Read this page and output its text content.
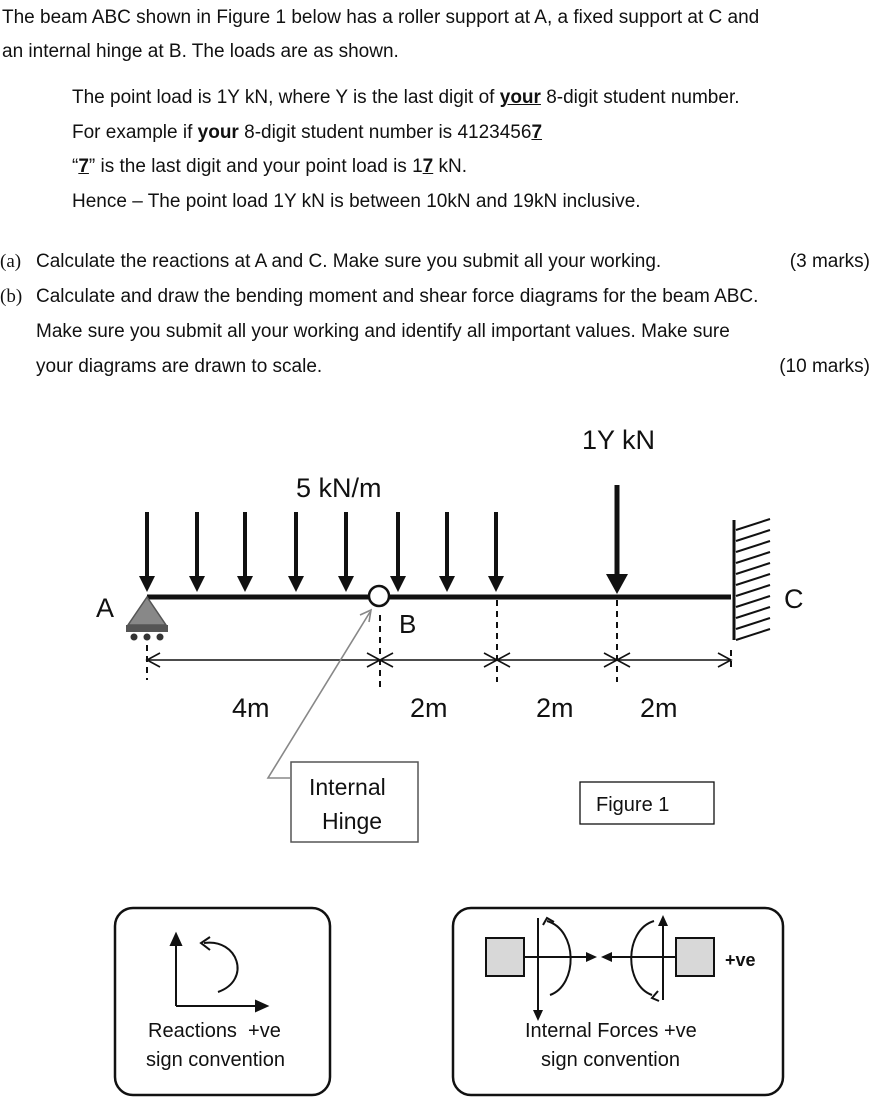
The beam ABC shown in Figure 1 below has a roller support at A, a fixed support at C and
an internal hinge at B. The loads are as shown.
The point load is 1Y kN, where Y is the last digit of your 8-digit student number.
For example if your 8-digit student number is 41234567
“7” is the last digit and your point load is 17 kN.
Hence – The point load 1Y kN is between 10kN and 19kN inclusive.
(a) Calculate the reactions at A and C. Make sure you submit all your working.	(3 marks)
(b) Calculate and draw the bending moment and shear force diagrams for the beam ABC.
Make sure you submit all your working and identify all important values. Make sure
your diagrams are drawn to scale.	(10 marks)
5 kN/m
1Y kN
A
B
C
4m	2m	2m 2m
Internal
Hinge
Figure 1
Reactions  +ve
sign convention
+ve
Internal Forces +ve
sign convention
